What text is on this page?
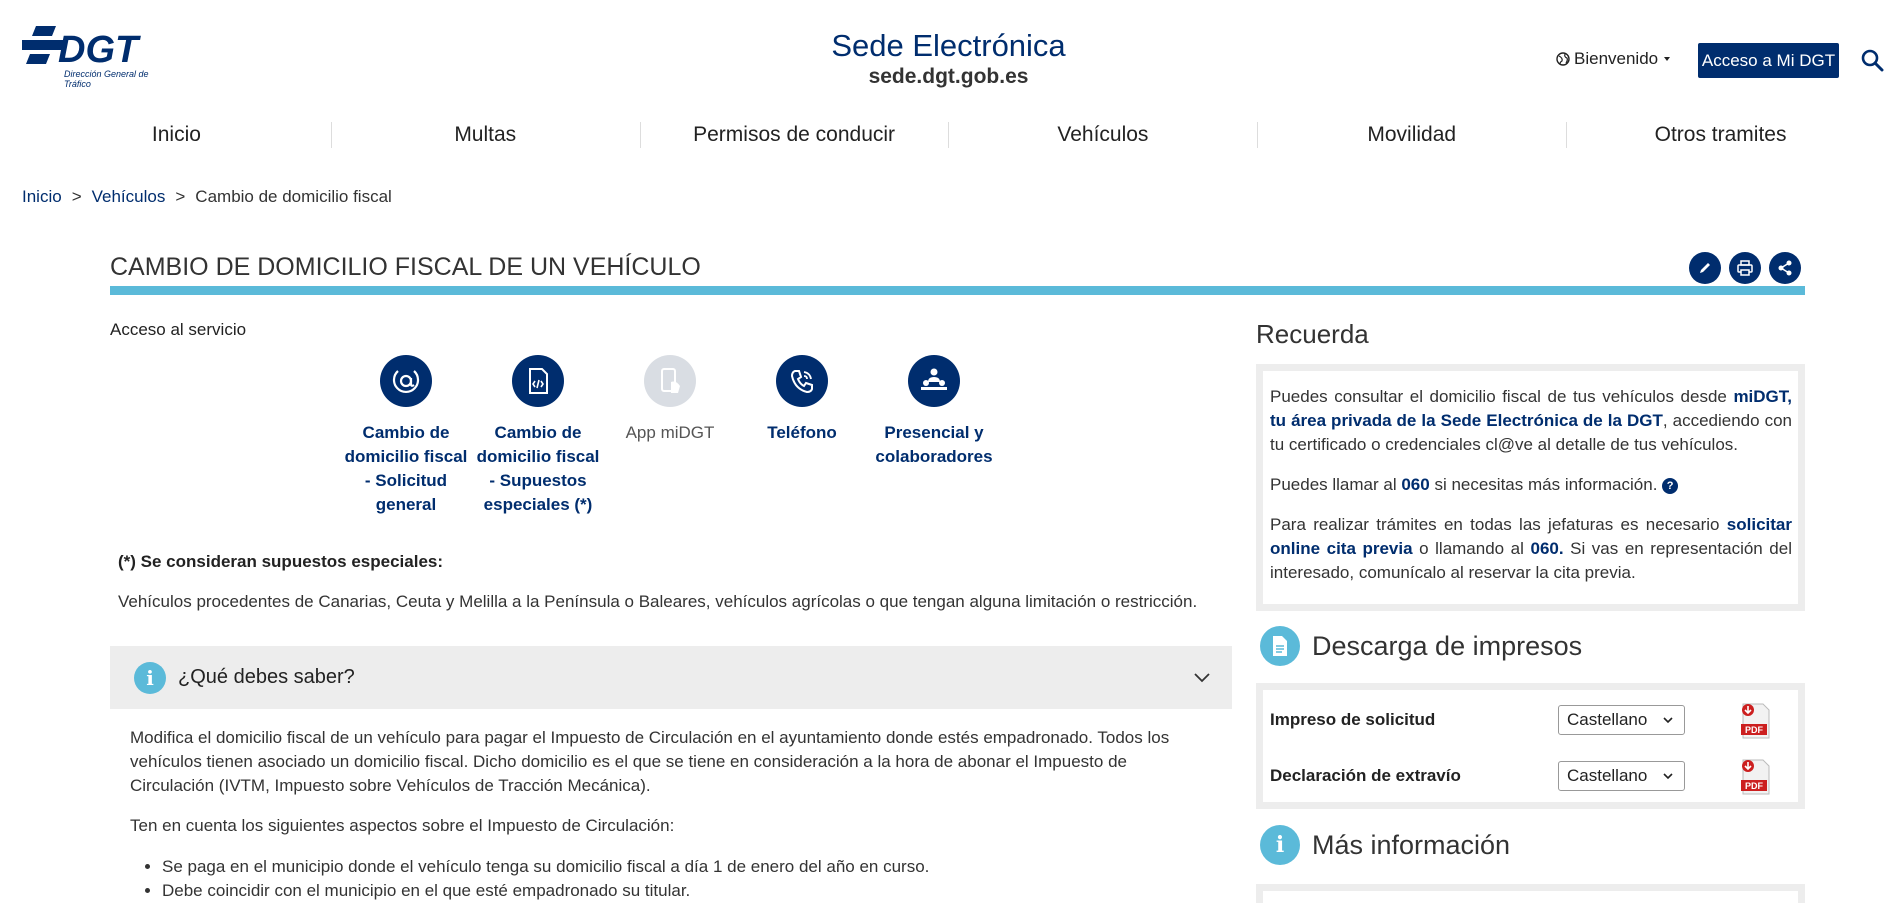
DGT
Dirección General de Tráfico
Sede Electrónica
sede.dgt.gob.es
Bienvenido	Acceso a Mi DGT
Inicio	Multas	Permisos de conducir	Vehículos	Movilidad	Otros tramites
Inicio > Vehículos > Cambio de domicilio fiscal
CAMBIO DE DOMICILIO FISCAL DE UN VEHÍCULO
Acceso al servicio
Cambio de domicilio fiscal - Solicitud general
Cambio de domicilio fiscal - Supuestos especiales (*)
App miDGT	Teléfono	Presencial y colaboradores
(*) Se consideran supuestos especiales:
Vehículos procedentes de Canarias, Ceuta y Melilla a la Península o Baleares, vehículos agrícolas o que tengan alguna limitación o restricción.
i	¿Qué debes saber?
Modifica el domicilio fiscal de un vehículo para pagar el Impuesto de Circulación en el ayuntamiento donde estés empadronado. Todos los vehículos tienen asociado un domicilio fiscal. Dicho domicilio es el que se tiene en consideración a la hora de abonar el Impuesto de Circulación (IVTM, Impuesto sobre Vehículos de Tracción Mecánica).
Ten en cuenta los siguientes aspectos sobre el Impuesto de Circulación:
• Se paga en el municipio donde el vehículo tenga su domicilio fiscal a día 1 de enero del año en curso.
• Debe coincidir con el municipio en el que esté empadronado su titular.
Recuerda

Puedes consultar el domicilio fiscal de tus vehículos desde miDGT, tu área privada de la Sede Electrónica de la DGT, accediendo con tu certificado o credenciales cl@ve al detalle de tus vehículos.

Puedes llamar al 060 si necesitas más información. ?

Para realizar trámites en todas las jefaturas es necesario solicitar online cita previa o llamando al 060. Si vas en representación del interesado, comunícalo al reservar la cita previa.

Descarga de impresos
Impreso de solicitud	Castellano
PDF
Declaración de extravío	Castellano
PDF
i	Más información
